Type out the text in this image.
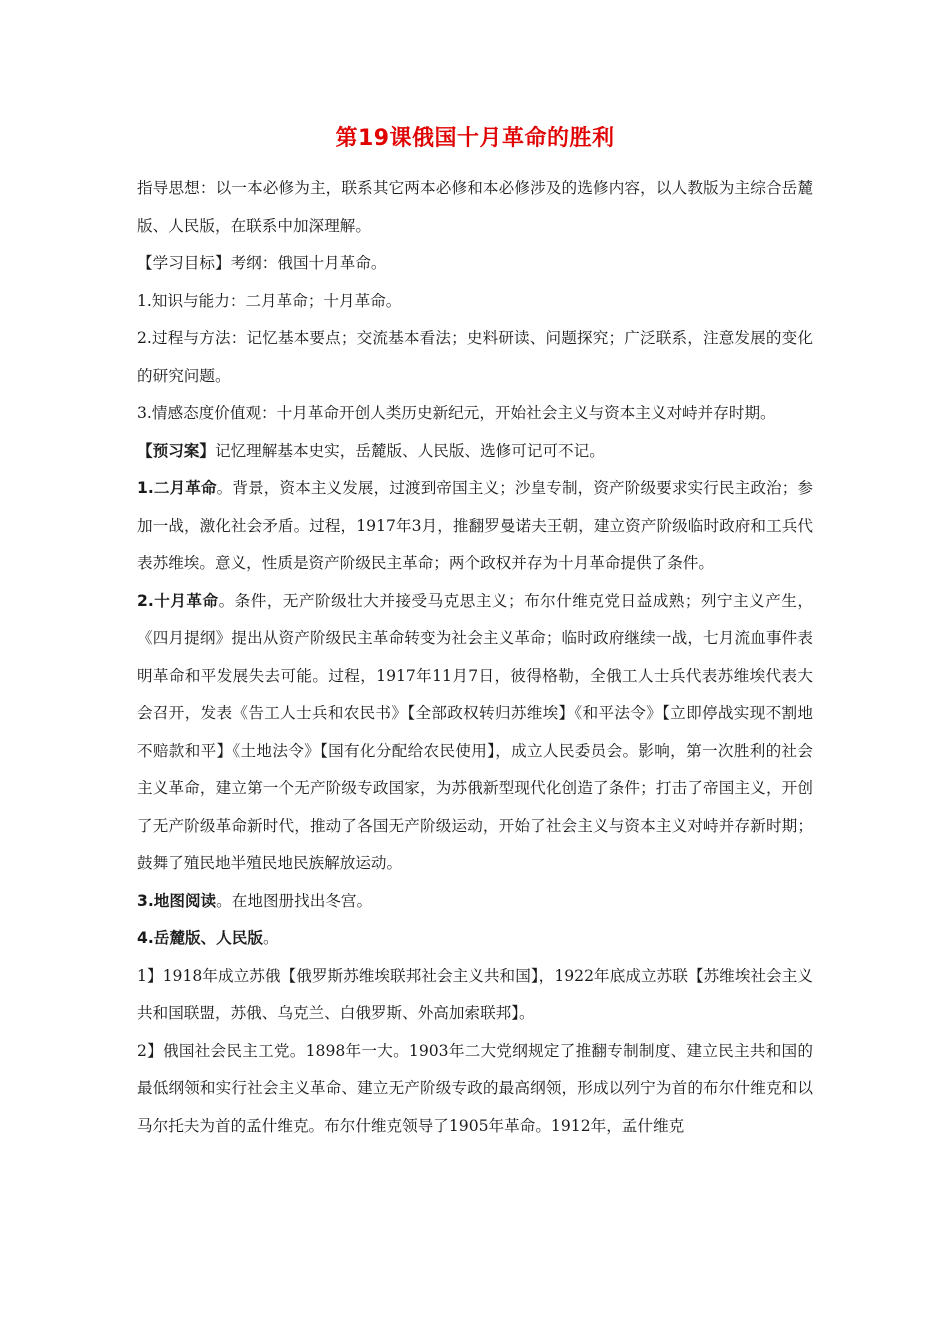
第19课俄国十月革命的胜利

指导思想：以一本必修为主，联系其它两本必修和本必修涉及的选修内容，以人教版为主综合岳麓版、人民版，在联系中加深理解。

【学习目标】考纲：俄国十月革命。

1.知识与能力：二月革命；十月革命。

2.过程与方法：记忆基本要点；交流基本看法；史料研读、问题探究；广泛联系，注意发展的变化的研究问题。

3.情感态度价值观：十月革命开创人类历史新纪元，开始社会主义与资本主义对峙并存时期。

【预习案】记忆理解基本史实，岳麓版、人民版、选修可记可不记。

1.二月革命。背景，资本主义发展，过渡到帝国主义；沙皇专制，资产阶级要求实行民主政治；参加一战，激化社会矛盾。过程，1917年3月，推翻罗曼诺夫王朝，建立资产阶级临时政府和工兵代表苏维埃。意义，性质是资产阶级民主革命；两个政权并存为十月革命提供了条件。

2.十月革命。条件，无产阶级壮大并接受马克思主义；布尔什维克党日益成熟；列宁主义产生，《四月提纲》提出从资产阶级民主革命转变为社会主义革命；临时政府继续一战，七月流血事件表明革命和平发展失去可能。过程，1917年11月7日，彼得格勒，全俄工人士兵代表苏维埃代表大会召开，发表《告工人士兵和农民书》【全部政权转归苏维埃】《和平法令》【立即停战实现不割地不赔款和平】《土地法令》【国有化分配给农民使用】，成立人民委员会。影响，第一次胜利的社会主义革命，建立第一个无产阶级专政国家，为苏俄新型现代化创造了条件；打击了帝国主义，开创了无产阶级革命新时代，推动了各国无产阶级运动，开始了社会主义与资本主义对峙并存新时期；鼓舞了殖民地半殖民地民族解放运动。

3.地图阅读。在地图册找出冬宫。

4.岳麓版、人民版。

1】1918年成立苏俄【俄罗斯苏维埃联邦社会主义共和国】，1922年底成立苏联【苏维埃社会主义共和国联盟，苏俄、乌克兰、白俄罗斯、外高加索联邦】。

2】俄国社会民主工党。1898年一大。1903年二大党纲规定了推翻专制制度、建立民主共和国的最低纲领和实行社会主义革命、建立无产阶级专政的最高纲领，形成以列宁为首的布尔什维克和以马尔托夫为首的孟什维克。布尔什维克领导了1905年革命。1912年，孟什维克
